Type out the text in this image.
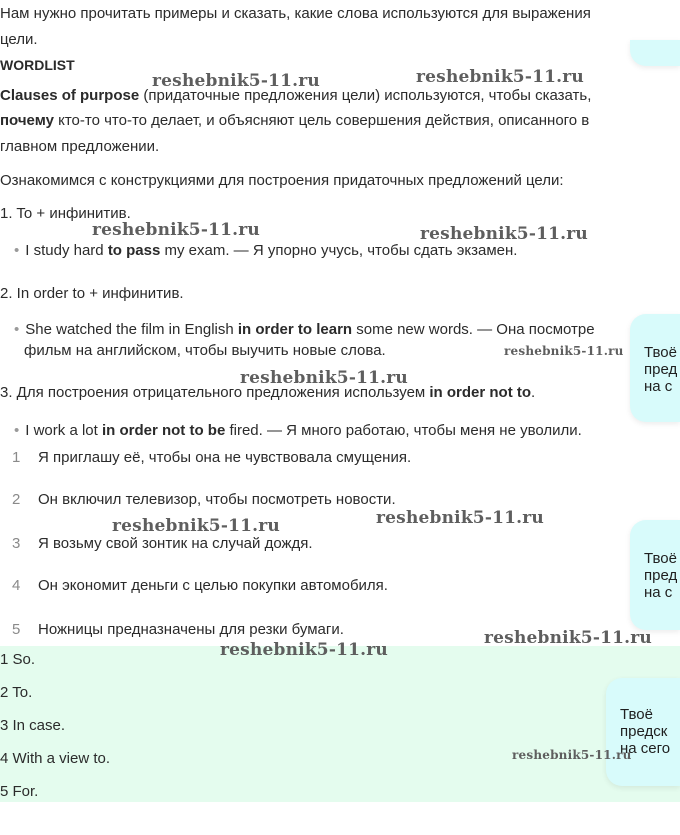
Нам нужно прочитать примеры и сказать, какие слова используются для выражения
цели.
WORDLIST
Clauses of purpose (придаточные предложения цели) используются, чтобы сказать,
почему кто-то что-то делает, и объясняют цель совершения действия, описанного в
главном предложении.
Ознакомимся с конструкциями для построения придаточных предложений цели:
1. To + инфинитив.
• I study hard to pass my exam. — Я упорно учусь, чтобы сдать экзамен.
2. In order to + инфинитив.
• She watched the film in English in order to learn some new words. — Она посмотре
фильм на английском, чтобы выучить новые слова.
3. Для построения отрицательного предложения используем in order not to.
• I work a lot in order not to be fired. — Я много работаю, чтобы меня не уволили.
1 Я приглашу её, чтобы она не чувствовала смущения.
2 Он включил телевизор, чтобы посмотреть новости.
3 Я возьму свой зонтик на случай дождя.
4 Он экономит деньги с целью покупки автомобиля.
5 Ножницы предназначены для резки бумаги.
1 So.
2 To.
3 In case.
4 With a view to.
5 For.
Твоё
пред
на с
Твоё
пред
на с
Твоё
предск
на сего
reshebnik5-11.ru	reshebnik5-11.ru
reshebnik5-11.ru	reshebnik5-11.ru
reshebnik5-11.ru
reshebnik5-11.ru
reshebnik5-11.ru	reshebnik5-11.ru
reshebnik5-11.ru
reshebnik5-11.ru
reshebnik5-11.ru
